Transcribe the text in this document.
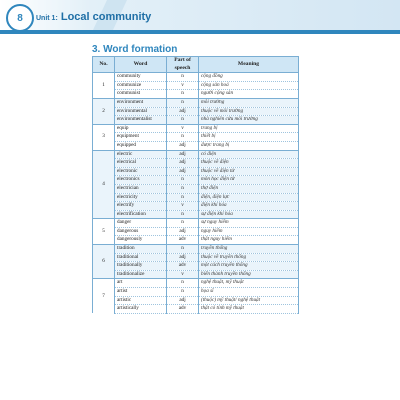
8	Unit 1: Local community
3. Word formation
No.	Word	Part of speech	Meaning
1	community	n	cộng đồng
	communize	v	cộng sản hoá
	communist	n	người cộng sản
2	environment	n	môi trường
	environmental	adj	thuộc về môi trường
	environmentalist	n	nhà nghiên cứu môi trường
3	equip	v	trang bị
	equipment	n	thiết bị
	equipped	adj	được trang bị
4	electric	adj	có điện
	electrical	adj	thuộc về điện
	electronic	adj	thuộc về điện tử
	electronics	n	môn học điện tử
	electrician	n	thợ điện
	electricity	n	điện, điện lực
	electrify	v	điện khí hóa
	electrification	n	sự điện khí hóa
5	danger	n	sự nguy hiểm
	dangerous	adj	nguy hiểm
	dangerously	adv	thật nguy hiểm
6	tradition	n	truyền thống
	traditional	adj	thuộc về truyền thống
	traditionally	adv	một cách truyền thống
	traditionalize	v	biến thành truyền thống
7	art	n	nghệ thuật, mỹ thuật
	artist	n	họa sĩ
	artistic	adj	(thuộc) mỹ thuật/ nghệ thuật
	artistically	adv	thật có tính mỹ thuật
